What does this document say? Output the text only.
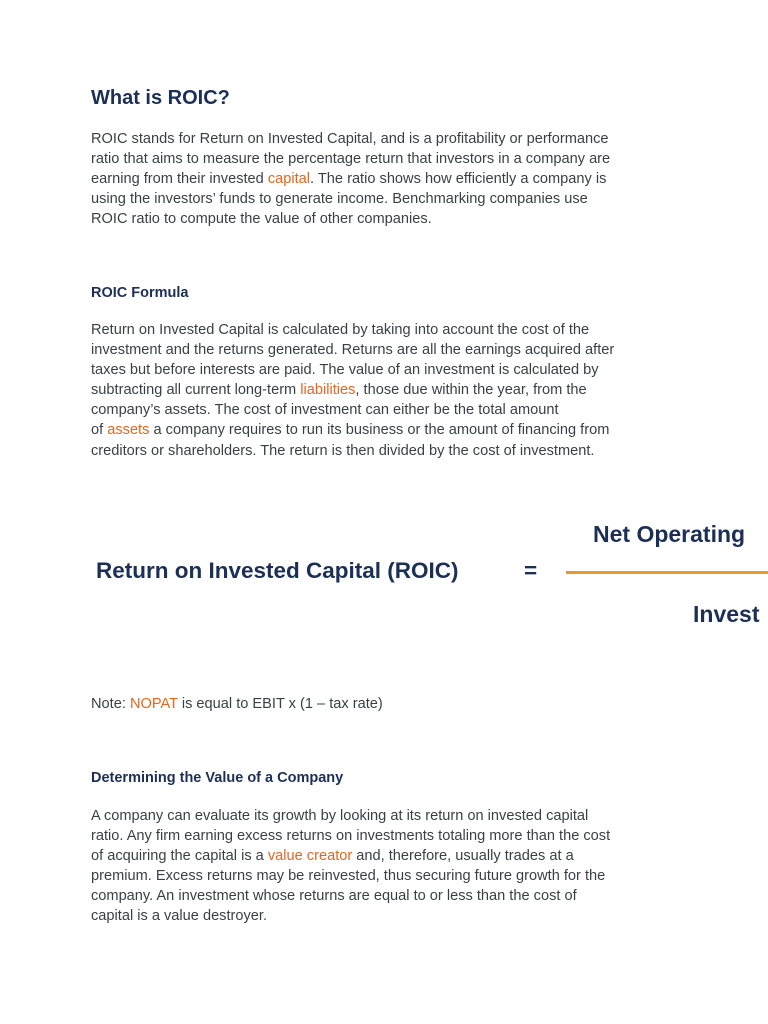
What is ROIC?

ROIC stands for Return on Invested Capital, and is a profitability or performance
ratio that aims to measure the percentage return that investors in a company are
earning from their invested capital. The ratio shows how efficiently a company is
using the investors’ funds to generate income. Benchmarking companies use
ROIC ratio to compute the value of other companies.

ROIC Formula

Return on Invested Capital is calculated by taking into account the cost of the
investment and the returns generated. Returns are all the earnings acquired after
taxes but before interests are paid. The value of an investment is calculated by
subtracting all current long-term liabilities, those due within the year, from the
company’s assets. The cost of investment can either be the total amount
of assets a company requires to run its business or the amount of financing from
creditors or shareholders. The return is then divided by the cost of investment.

Return on Invested Capital (ROIC)	=
Net Operating
Invest

Note: NOPAT is equal to EBIT x (1 – tax rate)

Determining the Value of a Company

A company can evaluate its growth by looking at its return on invested capital
ratio. Any firm earning excess returns on investments totaling more than the cost
of acquiring the capital is a value creator and, therefore, usually trades at a
premium. Excess returns may be reinvested, thus securing future growth for the
company. An investment whose returns are equal to or less than the cost of
capital is a value destroyer.
